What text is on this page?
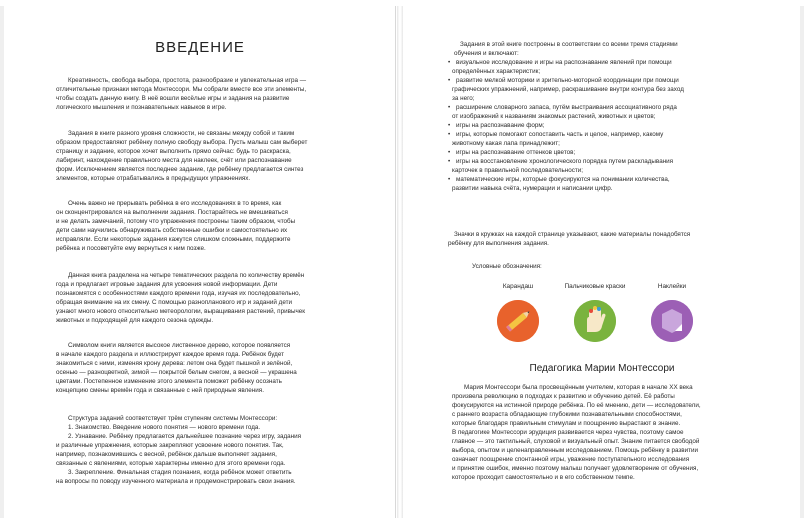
ВВЕДЕНИЕ
Креативность, свобода выбора, простота, разнообразие и увлекательная игра —
отличительные признаки метода Монтессори. Мы собрали вместе все эти элементы,
чтобы создать данную книгу. В неё вошли весёлые игры и задания на развитие
логического мышления и познавательных навыков в игре.
Задания в книге разного уровня сложности, не связаны между собой и таким
образом предоставляют ребёнку полную свободу выбора. Пусть малыш сам выберет
страницу и задание, которое хочет выполнить прямо сейчас: будь то раскраска,
лабиринт, нахождение правильного места для наклеек, счёт или распознавание
форм. Исключением является последнее задание, где ребёнку предлагается синтез
элементов, которые отрабатывались в предыдущих упражнениях.
Очень важно не прерывать ребёнка в его исследованиях в то время, как
он сконцентрировался на выполнении задания. Постарайтесь не вмешиваться
и не делать замечаний, потому что упражнения построены таким образом, чтобы
дети сами научились обнаруживать собственные ошибки и самостоятельно их
исправляли. Если некоторые задания кажутся слишком сложными, поддержите
ребёнка и посоветуйте ему вернуться к ним позже.
Данная книга разделена на четыре тематических раздела по количеству времён
года и предлагает игровые задания для усвоения новой информации. Дети
познакомятся с особенностями каждого времени года, изучая их последовательно,
обращая внимание на их смену. С помощью разнопланового игр и заданий дети
узнают много нового относительно метеорологии, выращивания растений, привычек
животных и подходящей для каждого сезона одежды.
Символом книги является высокое лиственное дерево, которое появляется
в начале каждого раздела и иллюстрирует каждое время года. Ребёнок будет
знакомиться с ними, изменяя крону дерева: летом она будет пышной и зелёной,
осенью — разноцветной, зимой — покрытой белым снегом, а весной — украшена
цветами. Постепенное изменение этого элемента поможет ребёнку осознать
концепцию смены времён года и связанные с ней природные явления.
Структура заданий соответствует трём ступеням системы Монтессори:
1. Знакомство. Введение нового понятия — нового времени года.
2. Узнавание. Ребёнку предлагается дальнейшее познание через игру, задания
и различные упражнения, которые закрепляют усвоение нового понятия. Так,
например, познакомившись с весной, ребёнок дальше выполняет задания,
связанные с явлениями, которые характерны именно для этого времени года.
3. Закрепление. Финальная стадия познания, когда ребёнок может ответить
на вопросы по поводу изученного материала и продемонстрировать свои знания.
Задания в этой книге построены в соответствии со всеми тремя стадиями
обучения и включают:
• визуальное исследование и игры на распознавание явлений при помощи
определённых характеристик;
• развитие мелкой моторики и зрительно-моторной координации при помощи
графических упражнений, например, раскрашивание внутри контура без заход
за него;
• расширение словарного запаса, путём выстраивания ассоциативного ряда
от изображений к названиям знакомых растений, животных и цветов;
• игры на распознавание форм;
• игры, которые помогают сопоставить часть и целое, например, какому
животному какая лапа принадлежит;
• игры на распознавание оттенков цветов;
• игры на восстановление хронологического порядка путем раскладывания
карточек в правильной последовательности;
• математические игры, которые фокусируются на понимании количества,
развитии навыка счёта, нумерации и написании цифр.
Значки в кружках на каждой странице указывают, какие материалы понадобятся
ребёнку для выполнения задания.
Условные обозначения:
Карандаш	Пальчиковые краски	Наклейки
Педагогика Марии Монтессори
Мария Монтессори была просвещённым учителем, которая в начале XX века
произвела революцию в подходах к развитию и обучению детей. Её работы
фокусируются на истинной природе ребёнка. По её мнению, дети — исследователи,
с раннего возраста обладающие глубокими познавательными способностями,
которые благодаря правильным стимулам и поощрению вырастают в знание.
В педагогике Монтессори эрудиция развивается через чувства, поэтому самое
главное — это тактильный, слуховой и визуальный опыт. Знание питается свободой
выбора, опытом и целенаправленным исследованием. Помощь ребёнку в развитии
означает поощрение спонтанной игры, уважение поступательного исследования
и принятие ошибок, именно поэтому малыш получает удовлетворение от обучения,
которое проходит самостоятельно и в его собственном темпе.
